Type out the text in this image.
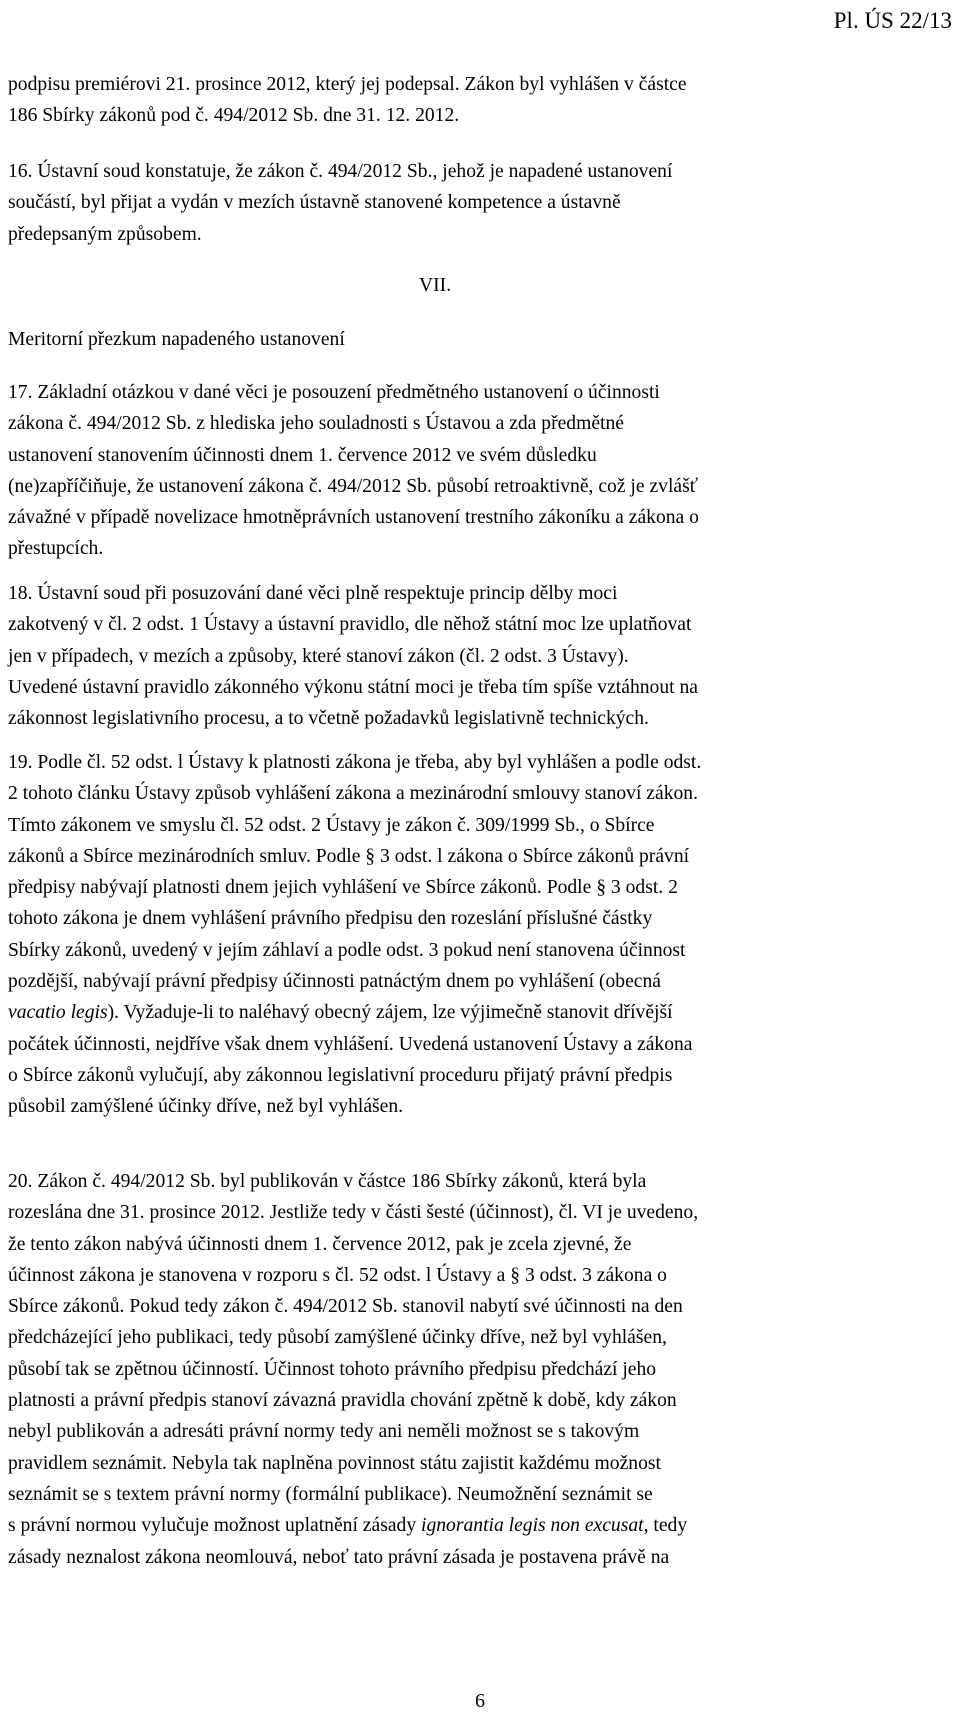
Pl. ÚS 22/13

podpisu premiérovi 21. prosince 2012, který jej podepsal. Zákon byl vyhlášen v částce
186 Sbírky zákonů pod č. 494/2012 Sb. dne 31. 12. 2012.

16. Ústavní soud konstatuje, že zákon č. 494/2012 Sb., jehož je napadené ustanovení
součástí, byl přijat a vydán v mezích ústavně stanovené kompetence a ústavně
předepsaným způsobem.

VII.
Meritorní přezkum napadeného ustanovení

17. Základní otázkou v dané věci je posouzení předmětného ustanovení o účinnosti
zákona č. 494/2012 Sb. z hlediska jeho souladnosti s Ústavou a zda předmětné
ustanovení stanovením účinnosti dnem 1. července 2012 ve svém důsledku
(ne)zapříčiňuje, že ustanovení zákona č. 494/2012 Sb. působí retroaktivně, což je zvlášť
závažné v případě novelizace hmotněprávních ustanovení trestního zákoníku a zákona o
přestupcích.

18. Ústavní soud při posuzování dané věci plně respektuje princip dělby moci
zakotvený v čl. 2 odst. 1 Ústavy a ústavní pravidlo, dle něhož státní moc lze uplatňovat
jen v případech, v mezích a způsoby, které stanoví zákon (čl. 2 odst. 3 Ústavy).
Uvedené ústavní pravidlo zákonného výkonu státní moci je třeba tím spíše vztáhnout na
zákonnost legislativního procesu, a to včetně požadavků legislativně technických.

19. Podle čl. 52 odst. l Ústavy k platnosti zákona je třeba, aby byl vyhlášen a podle odst.
2 tohoto článku Ústavy způsob vyhlášení zákona a mezinárodní smlouvy stanoví zákon.
Tímto zákonem ve smyslu čl. 52 odst. 2 Ústavy je zákon č. 309/1999 Sb., o Sbírce
zákonů a Sbírce mezinárodních smluv. Podle § 3 odst. l zákona o Sbírce zákonů právní
předpisy nabývají platnosti dnem jejich vyhlášení ve Sbírce zákonů. Podle § 3 odst. 2
tohoto zákona je dnem vyhlášení právního předpisu den rozeslání příslušné částky
Sbírky zákonů, uvedený v jejím záhlaví a podle odst. 3 pokud není stanovena účinnost
pozdější, nabývají právní předpisy účinnosti patnáctým dnem po vyhlášení (obecná
vacatio legis). Vyžaduje-li to naléhavý obecný zájem, lze výjimečně stanovit dřívější
počátek účinnosti, nejdříve však dnem vyhlášení. Uvedená ustanovení Ústavy a zákona
o Sbírce zákonů vylučují, aby zákonnou legislativní proceduru přijatý právní předpis
působil zamýšlené účinky dříve, než byl vyhlášen.

20. Zákon č. 494/2012 Sb. byl publikován v částce 186 Sbírky zákonů, která byla
rozeslána dne 31. prosince 2012. Jestliže tedy v části šesté (účinnost), čl. VI je uvedeno,
že tento zákon nabývá účinnosti dnem 1. července 2012, pak je zcela zjevné, že
účinnost zákona je stanovena v rozporu s čl. 52 odst. l Ústavy a § 3 odst. 3 zákona o
Sbírce zákonů. Pokud tedy zákon č. 494/2012 Sb. stanovil nabytí své účinnosti na den
předcházející jeho publikaci, tedy působí zamýšlené účinky dříve, než byl vyhlášen,
působí tak se zpětnou účinností. Účinnost tohoto právního předpisu předchází jeho
platnosti a právní předpis stanoví závazná pravidla chování zpětně k době, kdy zákon
nebyl publikován a adresáti právní normy tedy ani neměli možnost se s takovým
pravidlem seznámit. Nebyla tak naplněna povinnost státu zajistit každému možnost
seznámit se s textem právní normy (formální publikace). Neumožnění seznámit se
s právní normou vylučuje možnost uplatnění zásady ignorantia legis non excusat, tedy
zásady neznalost zákona neomlouvá, neboť tato právní zásada je postavena právě na

6
